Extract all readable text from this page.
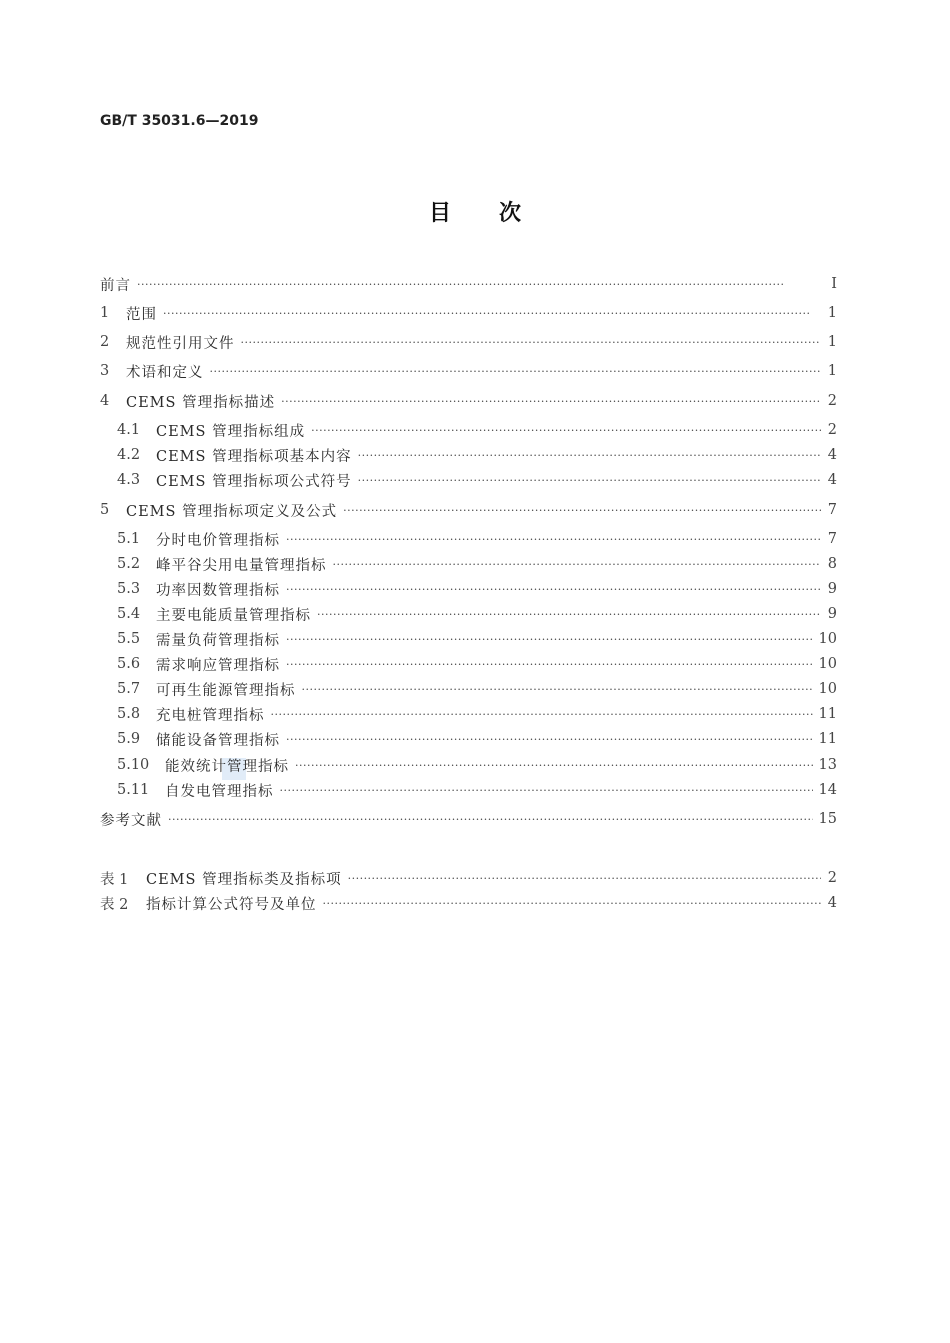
GB/T 35031.6—2019
目次
前言 ·····	Ⅰ
1	范围 ·····	1
2	规范性引用文件 ·····	1
3	术语和定义 ·····	1
4	CEMS 管理指标描述 ·····	2
4.1	CEMS 管理指标组成 ·····	2
4.2	CEMS 管理指标项基本内容 ·····	4
4.3	CEMS 管理指标项公式符号 ·····	4
5	CEMS 管理指标项定义及公式 ·····	7
5.1	分时电价管理指标 ·····	7
5.2	峰平谷尖用电量管理指标 ·····	8
5.3	功率因数管理指标 ·····	9
5.4	主要电能质量管理指标 ·····	9
5.5	需量负荷管理指标 ·····	10
5.6	需求响应管理指标 ·····	10
5.7	可再生能源管理指标 ·····	10
5.8	充电桩管理指标 ·····	11
5.9	储能设备管理指标 ·····	11
5.10	能效统计管理指标 ·····	13
5.11	自发电管理指标 ·····	14
参考文献 ·····	15
表 1	CEMS 管理指标类及指标项 ·····	2
表 2	指标计算公式符号及单位 ·····	4
